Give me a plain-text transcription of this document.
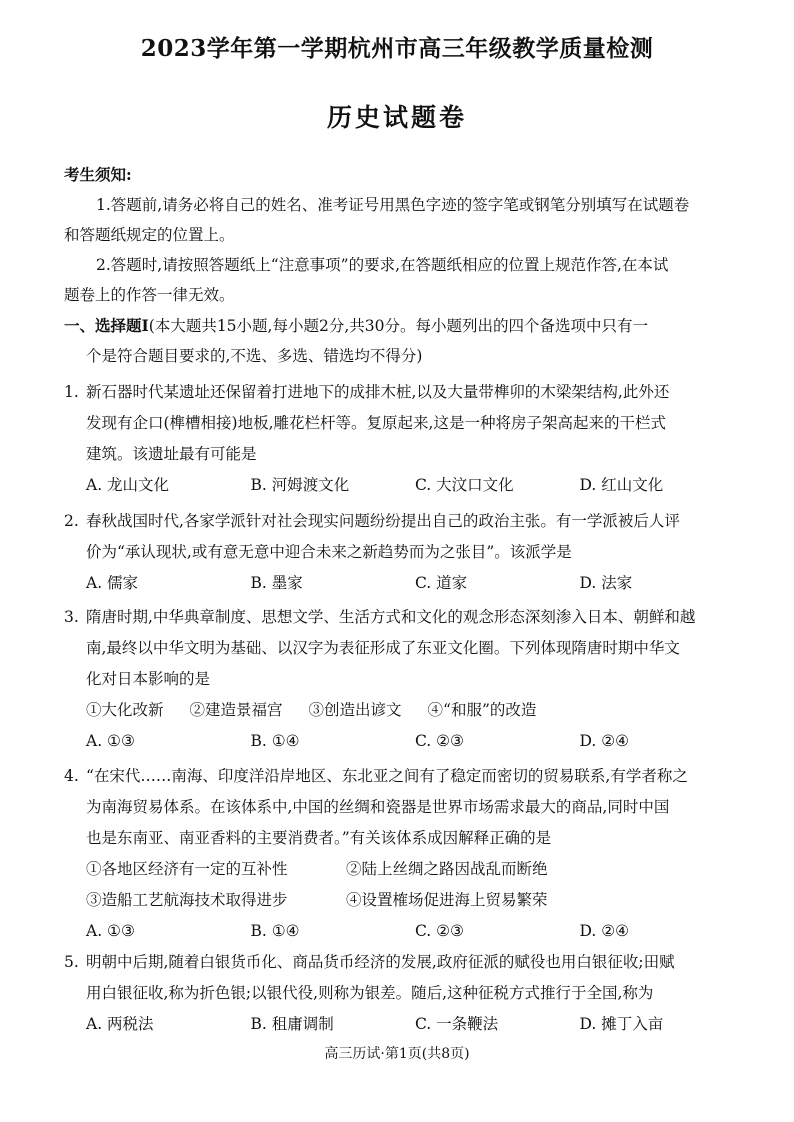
2023学年第一学期杭州市高三年级教学质量检测
历史试题卷
考生须知:
1.答题前,请务必将自己的姓名、准考证号用黑色字迹的签字笔或钢笔分别填写在试题卷
和答题纸规定的位置上。
2.答题时,请按照答题纸上“注意事项”的要求,在答题纸相应的位置上规范作答,在本试
题卷上的作答一律无效。
一、选择题Ⅰ(本大题共15小题,每小题2分,共30分。每小题列出的四个备选项中只有一
个是符合题目要求的,不选、多选、错选均不得分)
1. 新石器时代某遗址还保留着打进地下的成排木桩,以及大量带榫卯的木梁架结构,此外还
发现有企口(榫槽相接)地板,雕花栏杆等。复原起来,这是一种将房子架高起来的干栏式
建筑。该遗址最有可能是
A. 龙山文化	B. 河姆渡文化	C. 大汶口文化	D. 红山文化
2. 春秋战国时代,各家学派针对社会现实问题纷纷提出自己的政治主张。有一学派被后人评
价为“承认现状,或有意无意中迎合未来之新趋势而为之张目”。该派学是
A. 儒家	B. 墨家	C. 道家	D. 法家
3. 隋唐时期,中华典章制度、思想文学、生活方式和文化的观念形态深刻渗入日本、朝鲜和越
南,最终以中华文明为基础、以汉字为表征形成了东亚文化圈。下列体现隋唐时期中华文
化对日本影响的是
①大化改新 ②建造景福宫 ③创造出谚文 ④“和服”的改造
A. ①③	B. ①④	C. ②③	D. ②④
4. “在宋代……南海、印度洋沿岸地区、东北亚之间有了稳定而密切的贸易联系,有学者称之
为南海贸易体系。在该体系中,中国的丝绸和瓷器是世界市场需求最大的商品,同时中国
也是东南亚、南亚香料的主要消费者。”有关该体系成因解释正确的是
①各地区经济有一定的互补性	②陆上丝绸之路因战乱而断绝
③造船工艺航海技术取得进步	④设置榷场促进海上贸易繁荣
A. ①③	B. ①④	C. ②③	D. ②④
5. 明朝中后期,随着白银货币化、商品货币经济的发展,政府征派的赋役也用白银征收;田赋
用白银征收,称为折色银;以银代役,则称为银差。随后,这种征税方式推行于全国,称为
A. 两税法	B. 租庸调制	C. 一条鞭法	D. 摊丁入亩
高三历试·第1页(共8页)
